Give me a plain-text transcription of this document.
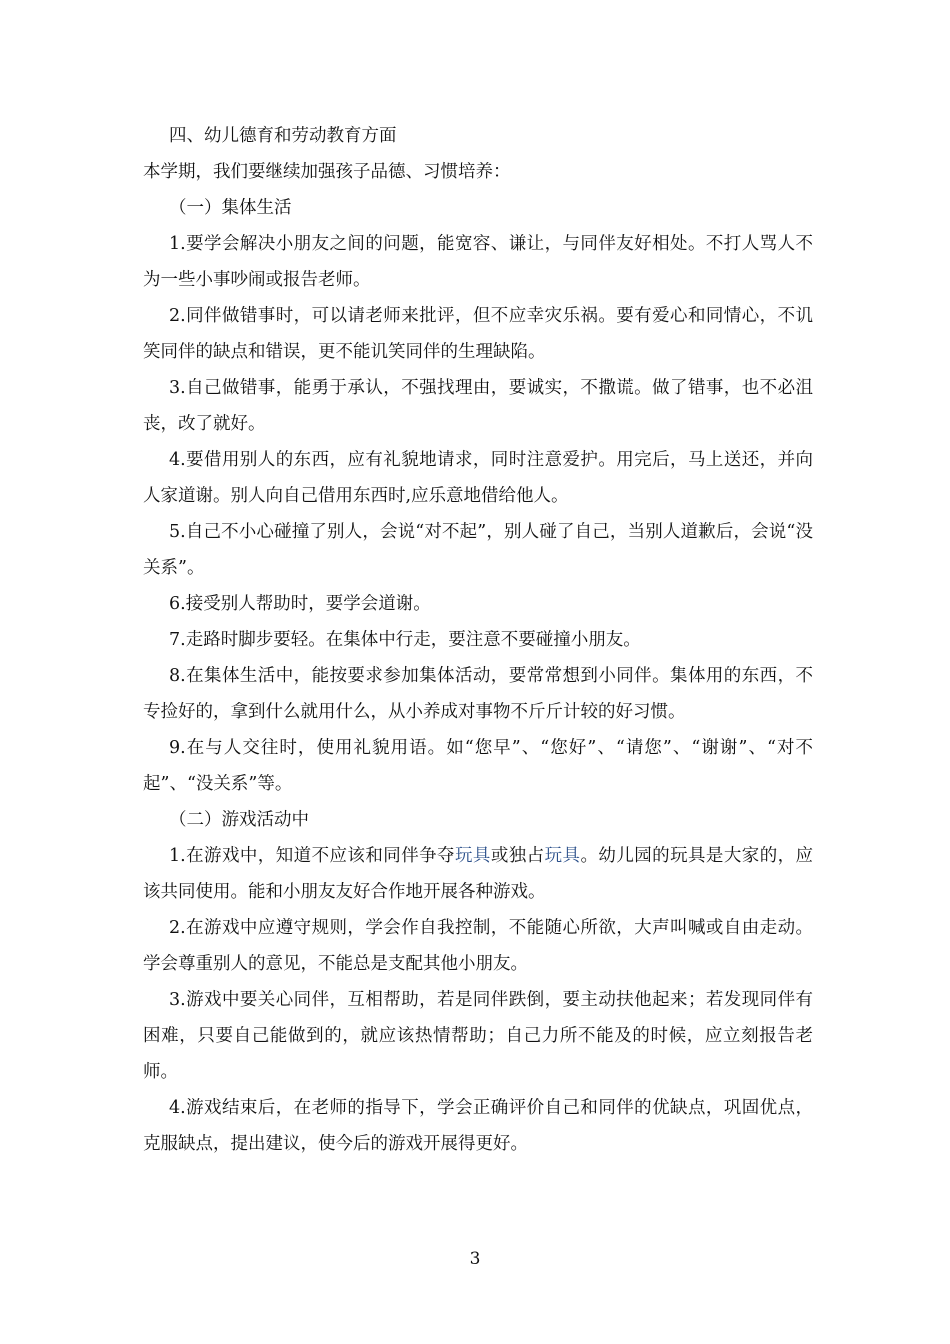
四、幼儿德育和劳动教育方面

本学期，我们要继续加强孩子品德、习惯培养：

（一）集体生活

1.要学会解决小朋友之间的问题，能宽容、谦让，与同伴友好相处。不打人骂人不为一些小事吵闹或报告老师。

2.同伴做错事时，可以请老师来批评，但不应幸灾乐祸。要有爱心和同情心，不讥笑同伴的缺点和错误，更不能讥笑同伴的生理缺陷。

3.自己做错事，能勇于承认，不强找理由，要诚实，不撒谎。做了错事，也不必沮丧，改了就好。

4.要借用别人的东西，应有礼貌地请求，同时注意爱护。用完后，马上送还，并向人家道谢。别人向自己借用东西时,应乐意地借给他人。

5.自己不小心碰撞了别人，会说“对不起”，别人碰了自己，当别人道歉后，会说“没关系”。

6.接受别人帮助时，要学会道谢。

7.走路时脚步要轻。在集体中行走，要注意不要碰撞小朋友。

8.在集体生活中，能按要求参加集体活动，要常常想到小同伴。集体用的东西，不专捡好的，拿到什么就用什么，从小养成对事物不斤斤计较的好习惯。

9.在与人交往时，使用礼貌用语。如“您早”、“您好”、“请您”、“谢谢”、“对不起”、“没关系”等。

（二）游戏活动中

1.在游戏中，知道不应该和同伴争夺玩具或独占玩具。幼儿园的玩具是大家的，应该共同使用。能和小朋友友好合作地开展各种游戏。

2.在游戏中应遵守规则，学会作自我控制，不能随心所欲，大声叫喊或自由走动。学会尊重别人的意见，不能总是支配其他小朋友。

3.游戏中要关心同伴，互相帮助，若是同伴跌倒，要主动扶他起来；若发现同伴有困难，只要自己能做到的，就应该热情帮助；自己力所不能及的时候，应立刻报告老师。

4.游戏结束后，在老师的指导下，学会正确评价自己和同伴的优缺点，巩固优点，克服缺点，提出建议，使今后的游戏开展得更好。

3
